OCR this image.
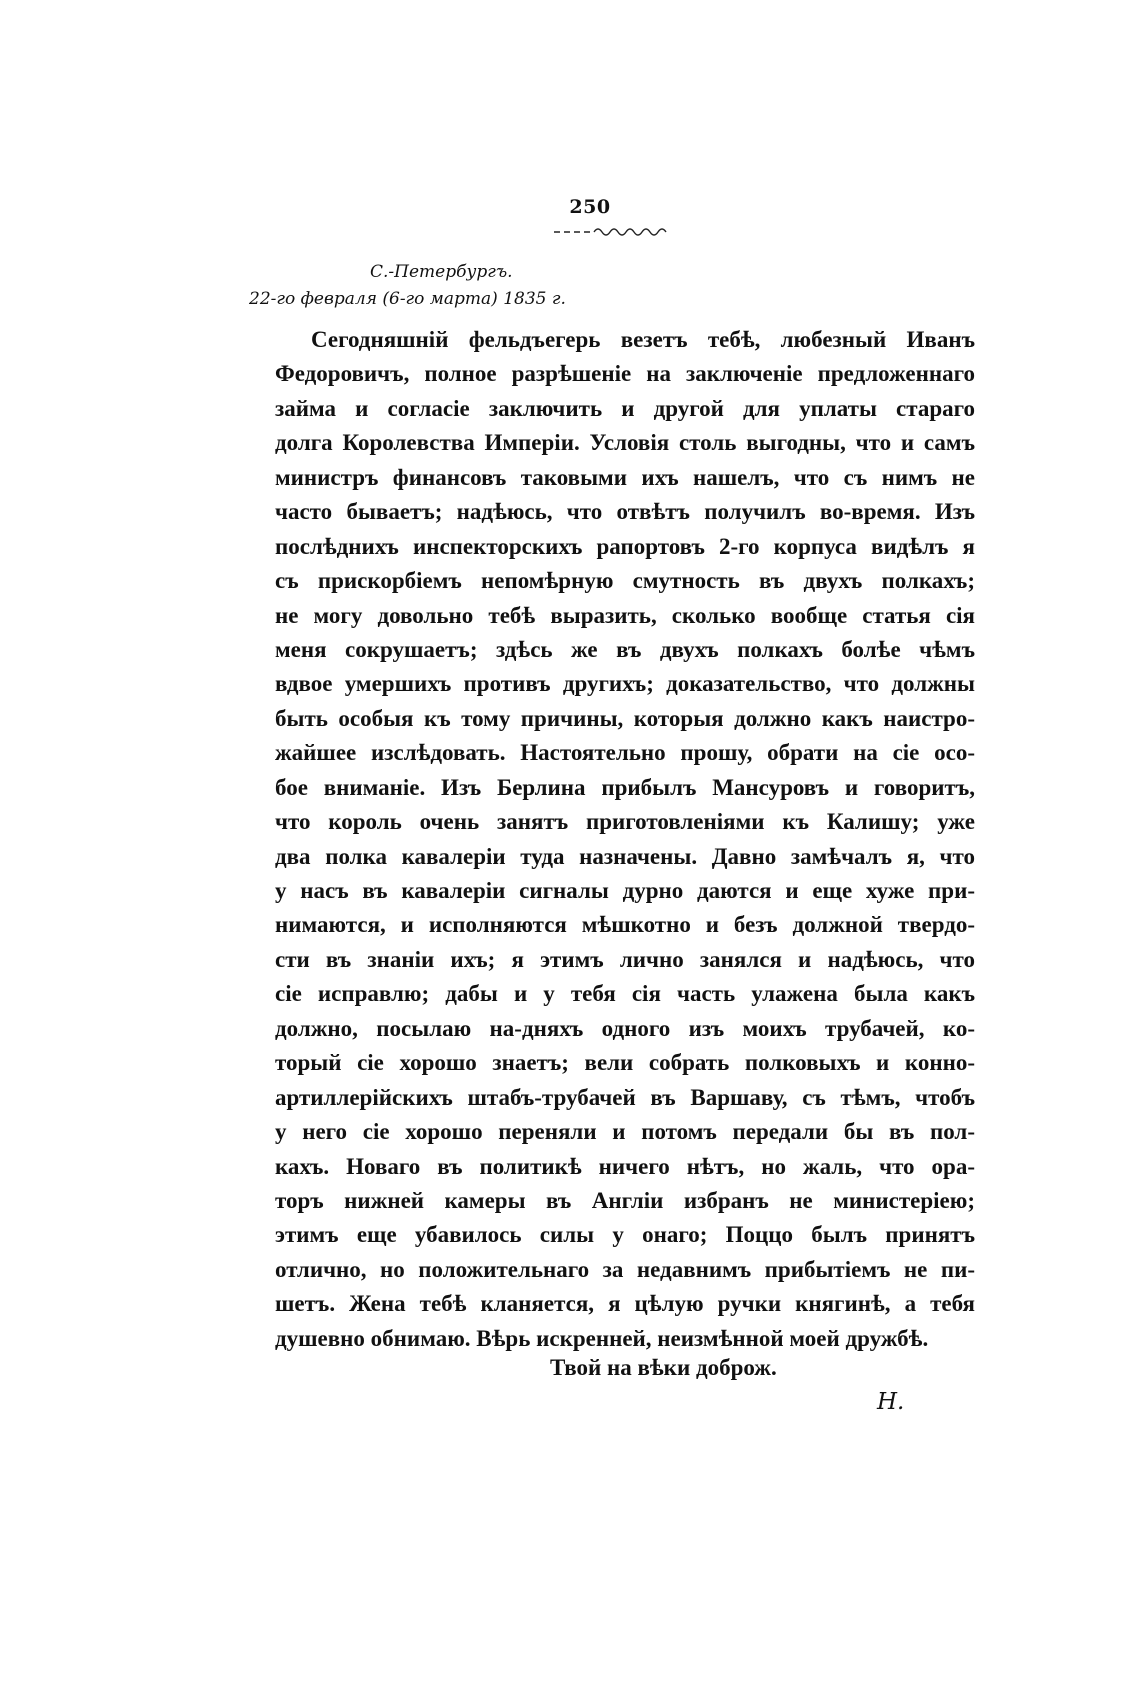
250
С.-Петербургъ.
22-го февраля (6-го марта) 1835 г.
Сегодняшній фельдъегерь везетъ тебѣ, любезный Иванъ
Федоровичъ, полное разрѣшеніе на заключеніе предложеннаго
займа и согласіе заключить и другой для уплаты стараго
долга Королевства Имперіи. Условія столь выгодны, что и самъ
министръ финансовъ таковыми ихъ нашелъ, что съ нимъ не
часто бываетъ; надѣюсь, что отвѣтъ получилъ во-время. Изъ
послѣднихъ инспекторскихъ рапортовъ 2-го корпуса видѣлъ я
съ прискорбіемъ непомѣрную смутность въ двухъ полкахъ;
не могу довольно тебѣ выразить, сколько вообще статья сія
меня сокрушаетъ; здѣсь же въ двухъ полкахъ болѣе чѣмъ
вдвое умершихъ противъ другихъ; доказательство, что должны
быть особыя къ тому причины, которыя должно какъ наистро-
жайшее изслѣдовать. Настоятельно прошу, обрати на сіе осо-
бое вниманіе. Изъ Берлина прибылъ Мансуровъ и говоритъ,
что король очень занятъ приготовленіями къ Калишу; уже
два полка кавалеріи туда назначены. Давно замѣчалъ я, что
у насъ въ кавалеріи сигналы дурно даются и еще хуже при-
нимаются, и исполняются мѣшкотно и безъ должной твердо-
сти въ знаніи ихъ; я этимъ лично занялся и надѣюсь, что
сіе исправлю; дабы и у тебя сія часть улажена была какъ
должно, посылаю на-дняхъ одного изъ моихъ трубачей, ко-
торый сіе хорошо знаетъ; вели собрать полковыхъ и конно-
артиллерійскихъ штабъ-трубачей въ Варшаву, съ тѣмъ, чтобъ
у него сіе хорошо переняли и потомъ передали бы въ пол-
кахъ. Новаго въ политикѣ ничего нѣтъ, но жаль, что ора-
торъ нижней камеры въ Англіи избранъ не министеріею;
этимъ еще убавилось силы у онаго; Поццо былъ принятъ
отлично, но положительнаго за недавнимъ прибытіемъ не пи-
шетъ. Жена тебѣ кланяется, я цѣлую ручки княгинѣ, а тебя
душевно обнимаю. Вѣрь искренней, неизмѣнной моей дружбѣ.
Твой на вѣки доброж.
Н.
